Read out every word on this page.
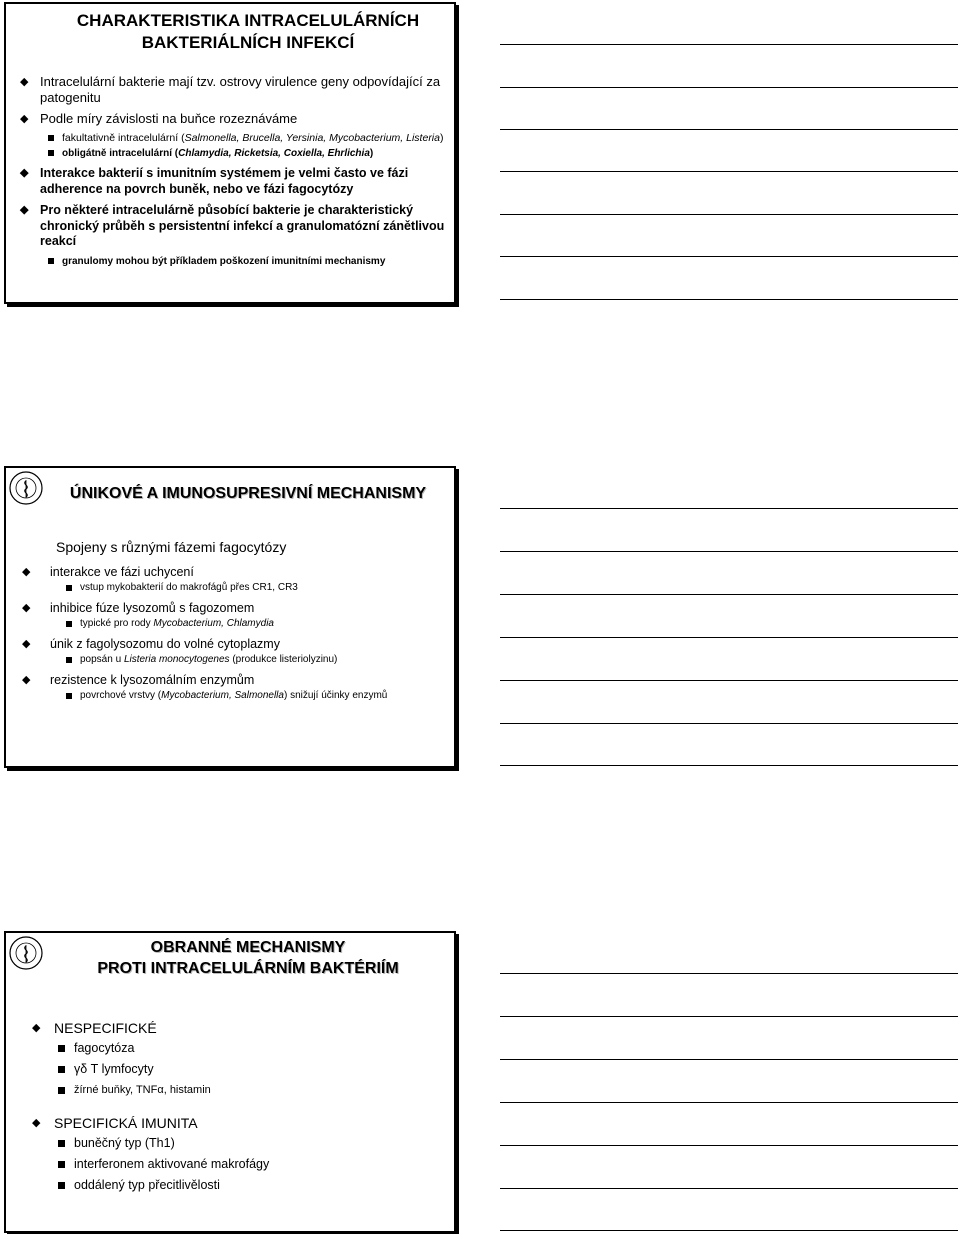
CHARAKTERISTIKA INTRACELULÁRNÍCH
BAKTERIÁLNÍCH INFEKCÍ
◆ Intracelulární bakterie mají tzv. ostrovy virulence geny odpovídající za patogenitu
◆ Podle míry závislosti na buňce rozeznáváme
fakultativně intracelulární (Salmonella, Brucella, Yersinia, Mycobacterium, Listeria)
obligátně intracelulární (Chlamydia, Ricketsia, Coxiella, Ehrlichia)
◆ Interakce bakterií s imunitním systémem je velmi často ve fázi adherence na povrch buněk, nebo ve fázi fagocytózy
◆ Pro některé intracelulárně působící bakterie je charakteristický chronický průběh s persistentní infekcí a granulomatózní zánětlivou reakcí
granulomy mohou být příkladem poškození imunitními mechanismy
ÚNIKOVÉ A IMUNOSUPRESIVNÍ MECHANISMY
Spojeny s různými fázemi fagocytózy
◆ interakce ve fázi uchycení
vstup mykobakterií do makrofágů přes CR1, CR3
◆ inhibice fúze lysozomů s fagozomem
typické pro rody Mycobacterium, Chlamydia
◆ únik z fagolysozomu do volné cytoplazmy
popsán u Listeria monocytogenes (produkce listeriolyzinu)
◆ rezistence k lysozomálním enzymům
povrchové vrstvy (Mycobacterium, Salmonella) snižují účinky enzymů
OBRANNÉ MECHANISMY
PROTI INTRACELULÁRNÍM BAKTÉRIÍM
◆ NESPECIFICKÉ
fagocytóza
γδ T lymfocyty
žírné buňky, TNFα, histamin
◆ SPECIFICKÁ IMUNITA
buněčný typ (Th1)
interferonem aktivované makrofágy
oddálený typ přecitlivělosti
